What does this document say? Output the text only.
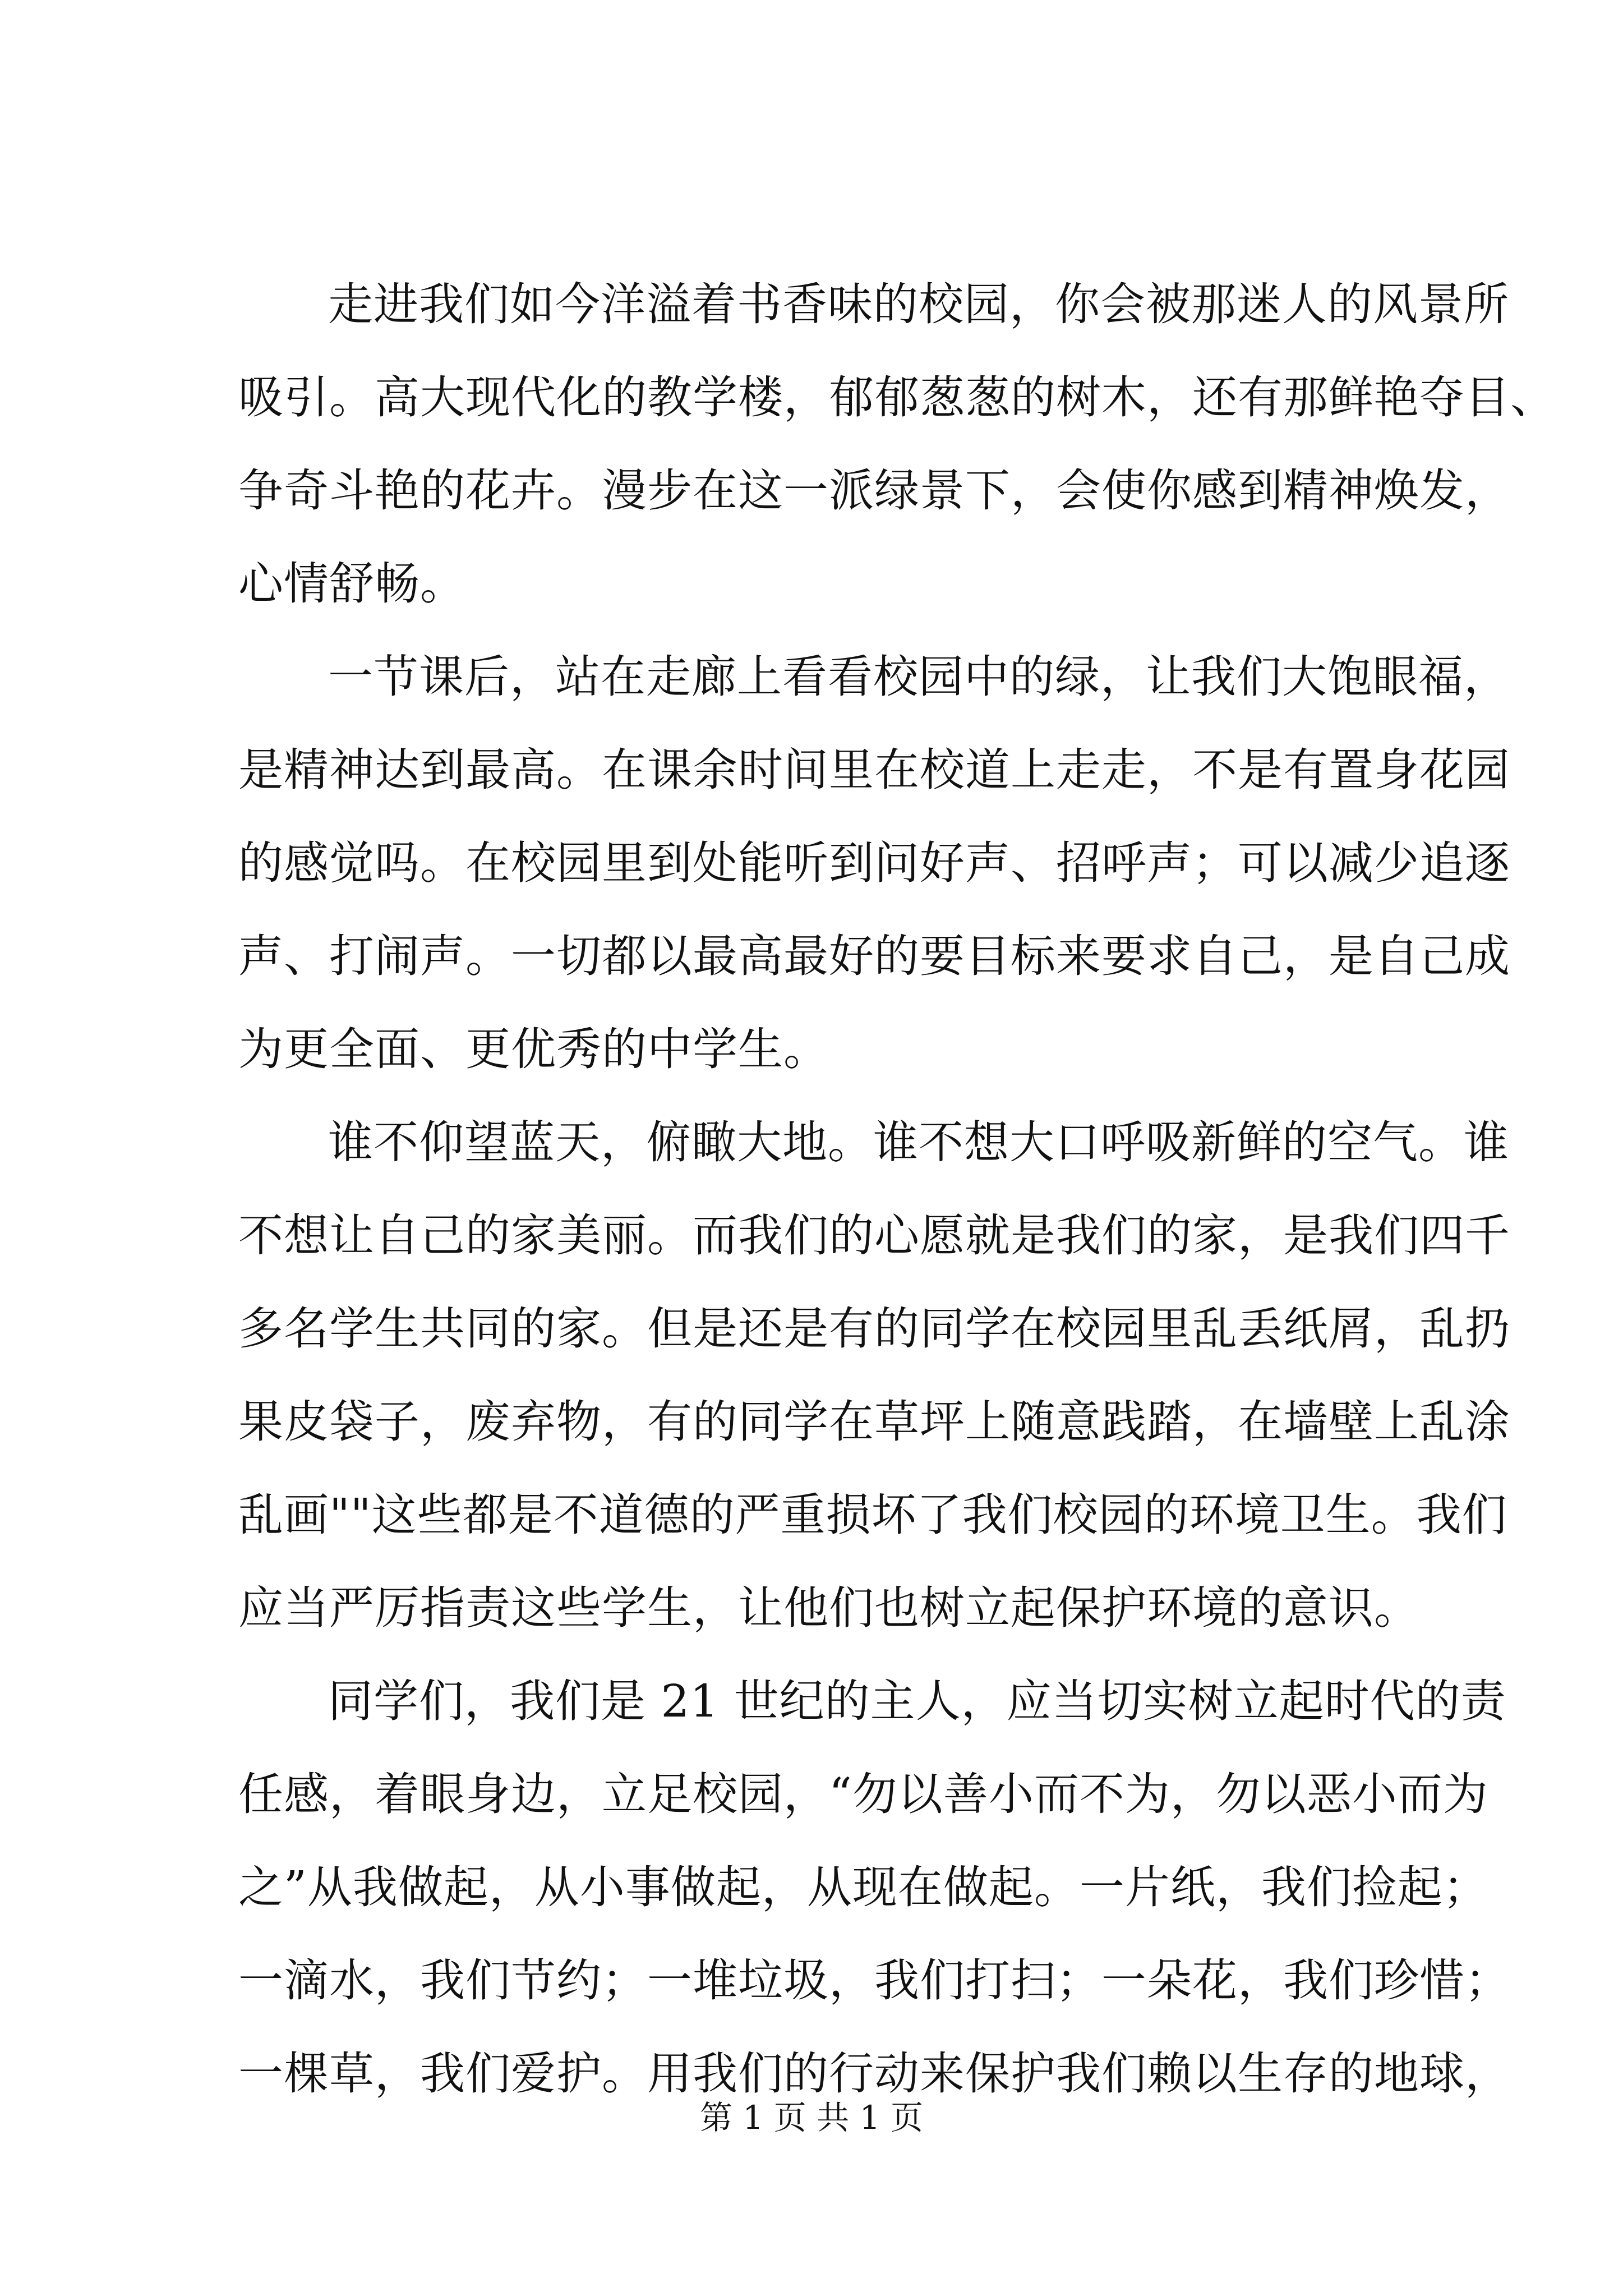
走进我们如今洋溢着书香味的校园，你会被那迷人的风景所
吸引。高大现代化的教学楼，郁郁葱葱的树木，还有那鲜艳夺目、
争奇斗艳的花卉。漫步在这一派绿景下，会使你感到精神焕发，
心情舒畅。
一节课后，站在走廊上看看校园中的绿，让我们大饱眼福，
是精神达到最高。在课余时间里在校道上走走，不是有置身花园
的感觉吗。在校园里到处能听到问好声、招呼声；可以减少追逐
声、打闹声。一切都以最高最好的要目标来要求自己，是自己成
为更全面、更优秀的中学生。
谁不仰望蓝天，俯瞰大地。谁不想大口呼吸新鲜的空气。谁
不想让自己的家美丽。而我们的心愿就是我们的家，是我们四千
多名学生共同的家。但是还是有的同学在校园里乱丢纸屑，乱扔
果皮袋子，废弃物，有的同学在草坪上随意践踏，在墙壁上乱涂
乱画""这些都是不道德的严重损坏了我们校园的环境卫生。我们
应当严厉指责这些学生，让他们也树立起保护环境的意识。
同学们，我们是 21 世纪的主人，应当切实树立起时代的责
任感，着眼身边，立足校园，“勿以善小而不为，勿以恶小而为
之”从我做起，从小事做起，从现在做起。一片纸，我们捡起；
一滴水，我们节约；一堆垃圾，我们打扫；一朵花，我们珍惜；
一棵草，我们爱护。用我们的行动来保护我们赖以生存的地球，
第 1 页 共 1 页
